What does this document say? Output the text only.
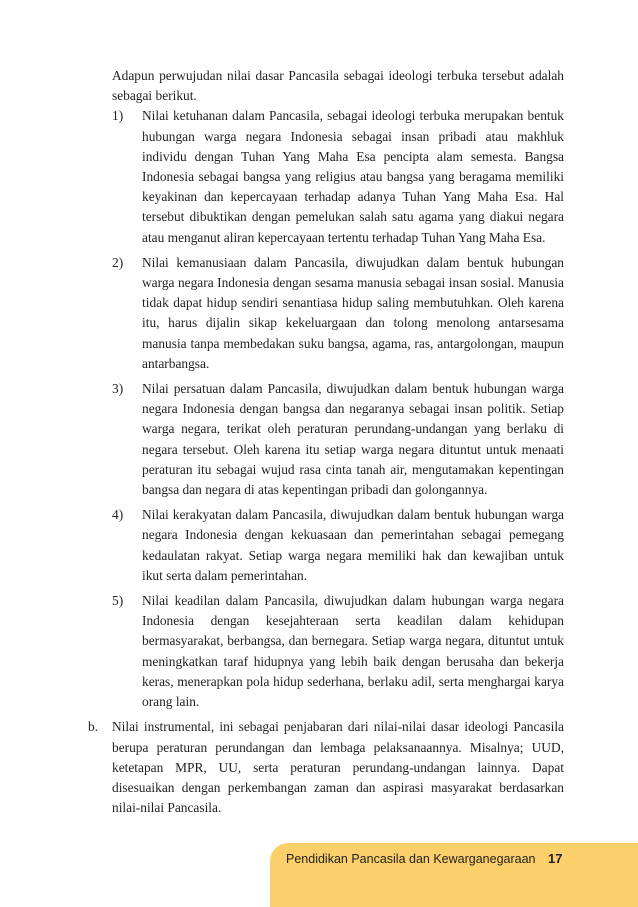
Adapun perwujudan nilai dasar Pancasila sebagai ideologi terbuka tersebut adalah sebagai berikut.

1) Nilai ketuhanan dalam Pancasila, sebagai ideologi terbuka merupakan bentuk hubungan warga negara Indonesia sebagai insan pribadi atau makhluk individu dengan Tuhan Yang Maha Esa pencipta alam semesta. Bangsa Indonesia sebagai bangsa yang religius atau bangsa yang beragama memiliki keyakinan dan kepercayaan terhadap adanya Tuhan Yang Maha Esa. Hal tersebut dibuktikan dengan pemelukan salah satu agama yang diakui negara atau menganut aliran kepercayaan tertentu terhadap Tuhan Yang Maha Esa.
2) Nilai kemanusiaan dalam Pancasila, diwujudkan dalam bentuk hubungan warga negara Indonesia dengan sesama manusia sebagai insan sosial. Manusia tidak dapat hidup sendiri senantiasa hidup saling membutuhkan. Oleh karena itu, harus dijalin sikap kekeluargaan dan tolong menolong antarsesama manusia tanpa membedakan suku bangsa, agama, ras, antargolongan, maupun antarbangsa.
3) Nilai persatuan dalam Pancasila, diwujudkan dalam bentuk hubungan warga negara Indonesia dengan bangsa dan negaranya sebagai insan politik. Setiap warga negara, terikat oleh peraturan perundang-undangan yang berlaku di negara tersebut. Oleh karena itu setiap warga negara dituntut untuk menaati peraturan itu sebagai wujud rasa cinta tanah air, mengutamakan kepentingan bangsa dan negara di atas kepentingan pribadi dan golongannya.
4) Nilai kerakyatan dalam Pancasila, diwujudkan dalam bentuk hubungan warga negara Indonesia dengan kekuasaan dan pemerintahan sebagai pemegang kedaulatan rakyat. Setiap warga negara memiliki hak dan kewajiban untuk ikut serta dalam pemerintahan.
5) Nilai keadilan dalam Pancasila, diwujudkan dalam hubungan warga negara Indonesia dengan kesejahteraan serta keadilan dalam kehidupan bermasyarakat, berbangsa, dan bernegara. Setiap warga negara, dituntut untuk meningkatkan taraf hidupnya yang lebih baik dengan berusaha dan bekerja keras, menerapkan pola hidup sederhana, berlaku adil, serta menghargai karya orang lain.
b. Nilai instrumental, ini sebagai penjabaran dari nilai-nilai dasar ideologi Pancasila berupa peraturan perundangan dan lembaga pelaksanaannya. Misalnya; UUD, ketetapan MPR, UU, serta peraturan perundang-undangan lainnya. Dapat disesuaikan dengan perkembangan zaman dan aspirasi masyarakat berdasarkan nilai-nilai Pancasila.
Pendidikan Pancasila dan Kewarganegaraan 17
